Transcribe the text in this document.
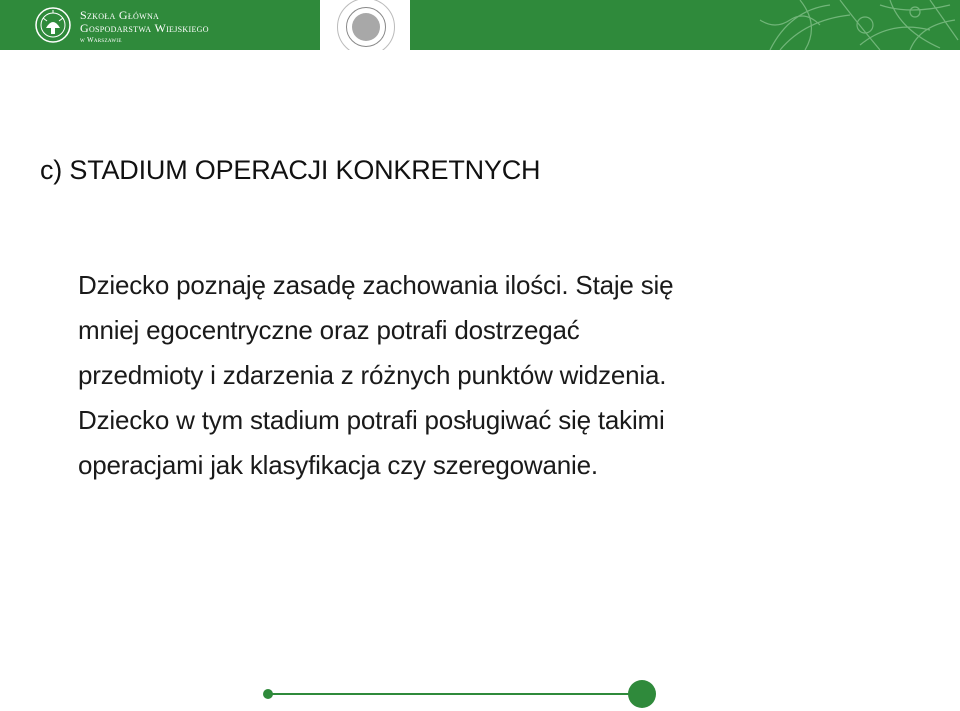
Szkoła Główna
Gospodarstwa Wiejskiego
w Warszawie
c) STADIUM OPERACJI KONKRETNYCH

Dziecko poznaję zasadę zachowania ilości. Staje się
mniej egocentryczne oraz potrafi dostrzegać
przedmioty i zdarzenia z różnych punktów widzenia.
Dziecko w tym stadium potrafi posługiwać się takimi
operacjami jak klasyfikacja czy szeregowanie.
